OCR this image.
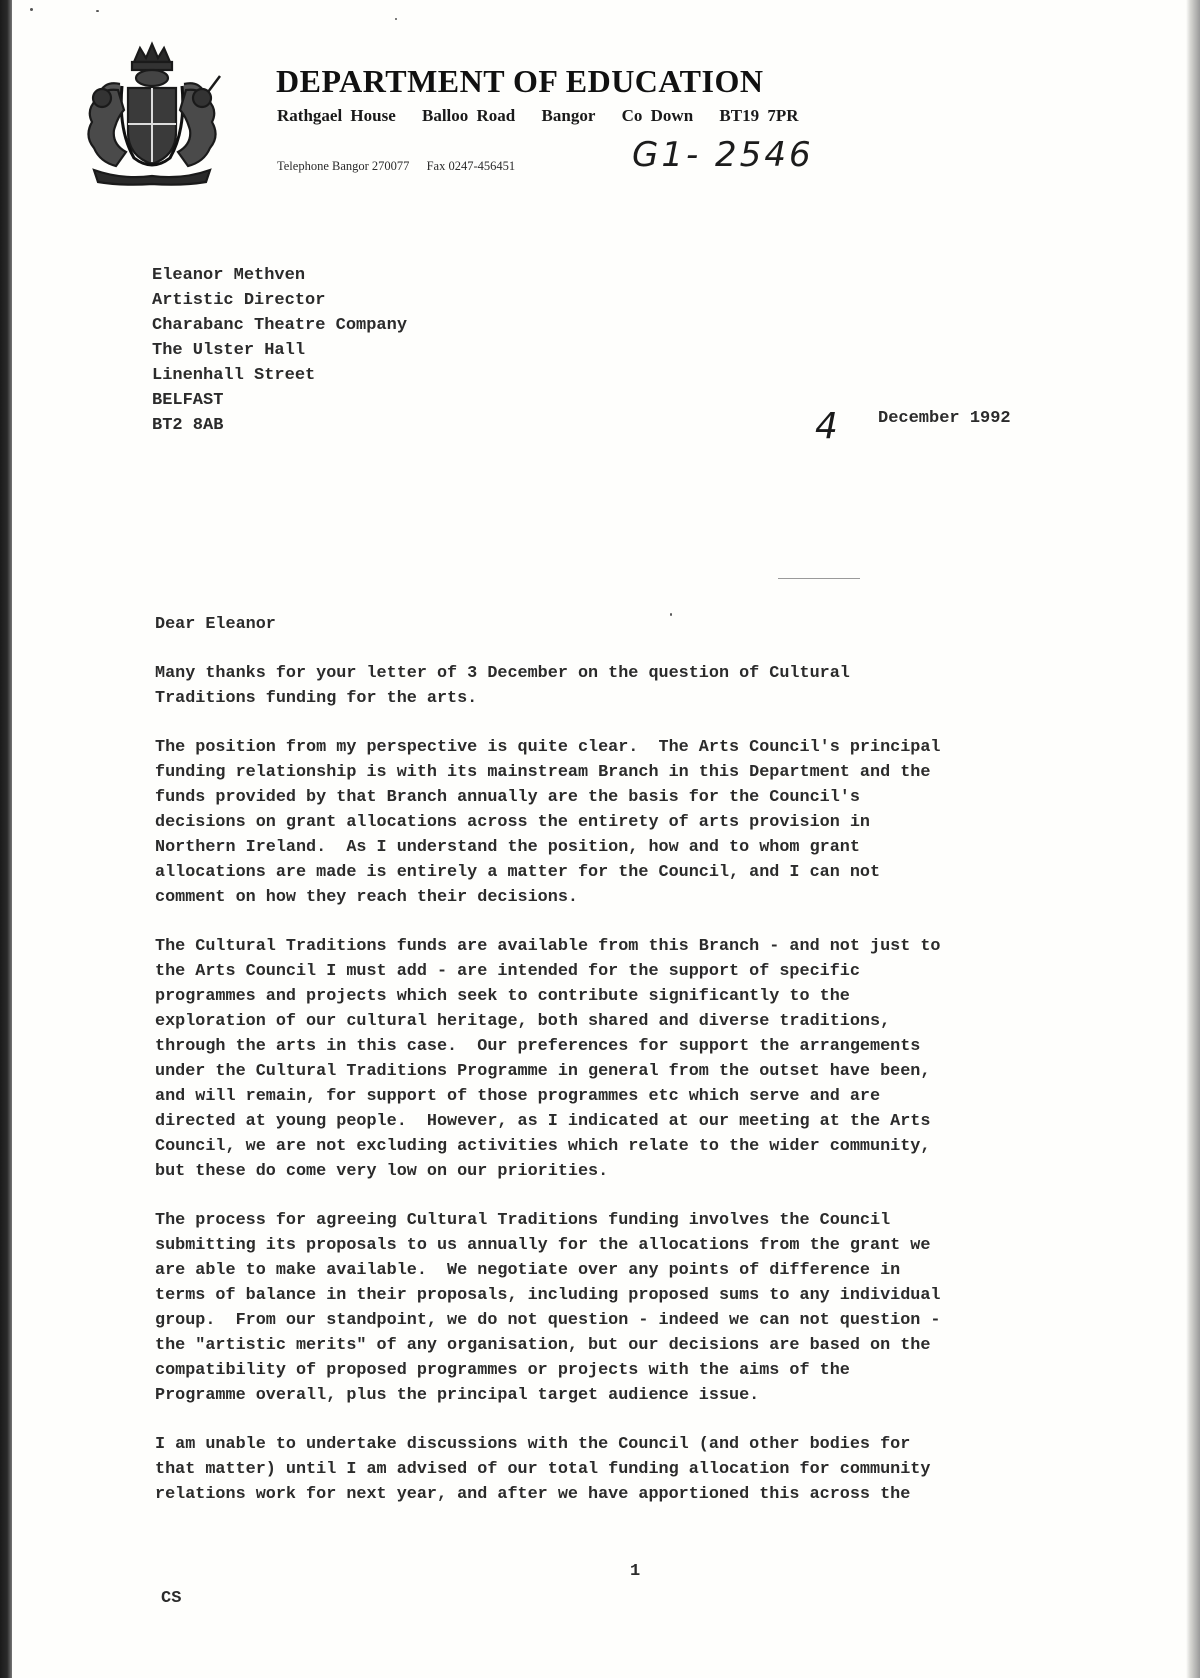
DEPARTMENT OF EDUCATION
Rathgael House Balloo Road Bangor Co Down BT19 7PR
Telephone Bangor 270077 Fax 0247-456451	G1- 2546
Eleanor Methven
Artistic Director
Charabanc Theatre Company
The Ulster Hall
Linenhall Street
BELFAST
BT2 8AB	4 December 1992

Dear Eleanor

Many thanks for your letter of 3 December on the question of Cultural
Traditions funding for the arts.

The position from my perspective is quite clear.  The Arts Council's principal
funding relationship is with its mainstream Branch in this Department and the
funds provided by that Branch annually are the basis for the Council's
decisions on grant allocations across the entirety of arts provision in
Northern Ireland.  As I understand the position, how and to whom grant
allocations are made is entirely a matter for the Council, and I can not
comment on how they reach their decisions.

The Cultural Traditions funds are available from this Branch - and not just to
the Arts Council I must add - are intended for the support of specific
programmes and projects which seek to contribute significantly to the
exploration of our cultural heritage, both shared and diverse traditions,
through the arts in this case.  Our preferences for support the arrangements
under the Cultural Traditions Programme in general from the outset have been,
and will remain, for support of those programmes etc which serve and are
directed at young people.  However, as I indicated at our meeting at the Arts
Council, we are not excluding activities which relate to the wider community,
but these do come very low on our priorities.

The process for agreeing Cultural Traditions funding involves the Council
submitting its proposals to us annually for the allocations from the grant we
are able to make available.  We negotiate over any points of difference in
terms of balance in their proposals, including proposed sums to any individual
group.  From our standpoint, we do not question - indeed we can not question -
the "artistic merits" of any organisation, but our decisions are based on the
compatibility of proposed programmes or projects with the aims of the
Programme overall, plus the principal target audience issue.

I am unable to undertake discussions with the Council (and other bodies for
that matter) until I am advised of our total funding allocation for community
relations work for next year, and after we have apportioned this across the

1
CS
